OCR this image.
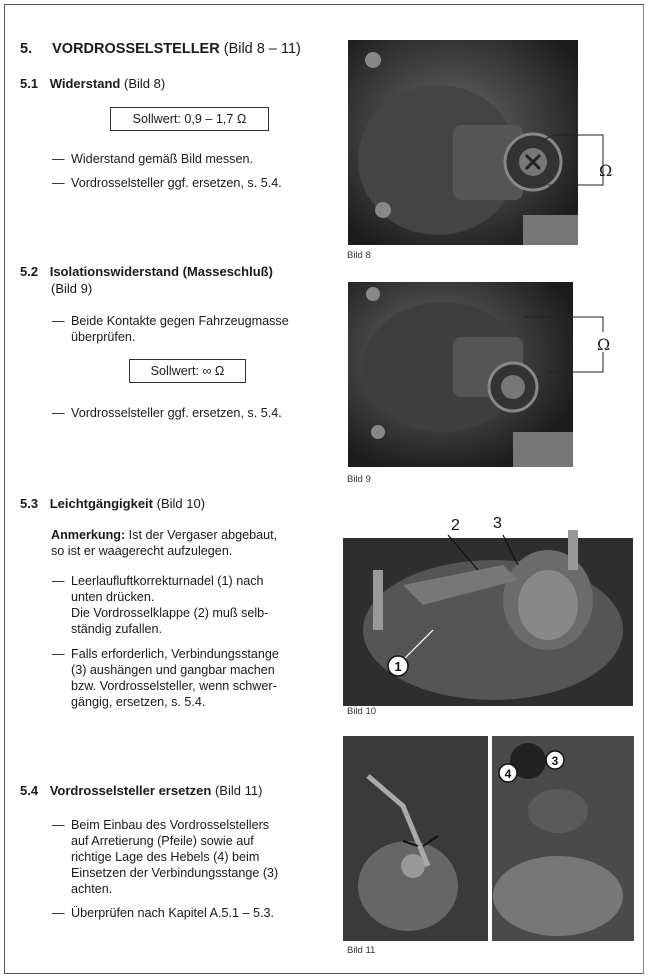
5. VORDROSSELSTELLER (Bild 8 – 11)
5.1 Widerstand (Bild 8)
Sollwert: 0,9 – 1,7 Ω
— Widerstand gemäß Bild messen.
— Vordrosselsteller ggf. ersetzen, s. 5.4.
5.2 Isolationswiderstand (Masseschluß)
(Bild 9)
— Beide Kontakte gegen Fahrzeugmasse
überprüfen.
Sollwert: ∞ Ω
— Vordrosselsteller ggf. ersetzen, s. 5.4.
5.3 Leichtgängigkeit (Bild 10)
Anmerkung: Ist der Vergaser abgebaut,
so ist er waagerecht aufzulegen.
— Leerlaufluftkorrekturnadel (1) nach
unten drücken.
Die Vordrosselklappe (2) muß selb-
ständig zufallen.
— Falls erforderlich, Verbindungsstange
(3) aushängen und gangbar machen
bzw. Vordrosselsteller, wenn schwer-
gängig, ersetzen, s. 5.4.
5.4 Vordrosselsteller ersetzen (Bild 11)
— Beim Einbau des Vordrosselstellers
auf Arretierung (Pfeile) sowie auf
richtige Lage des Hebels (4) beim
Einsetzen der Verbindungsstange (3)
achten.
— Überprüfen nach Kapitel A.5.1 – 5.3.
Ω
Bild 8
Ω
Bild 9
2 3
1
Bild 10
4
3
Bild 11
